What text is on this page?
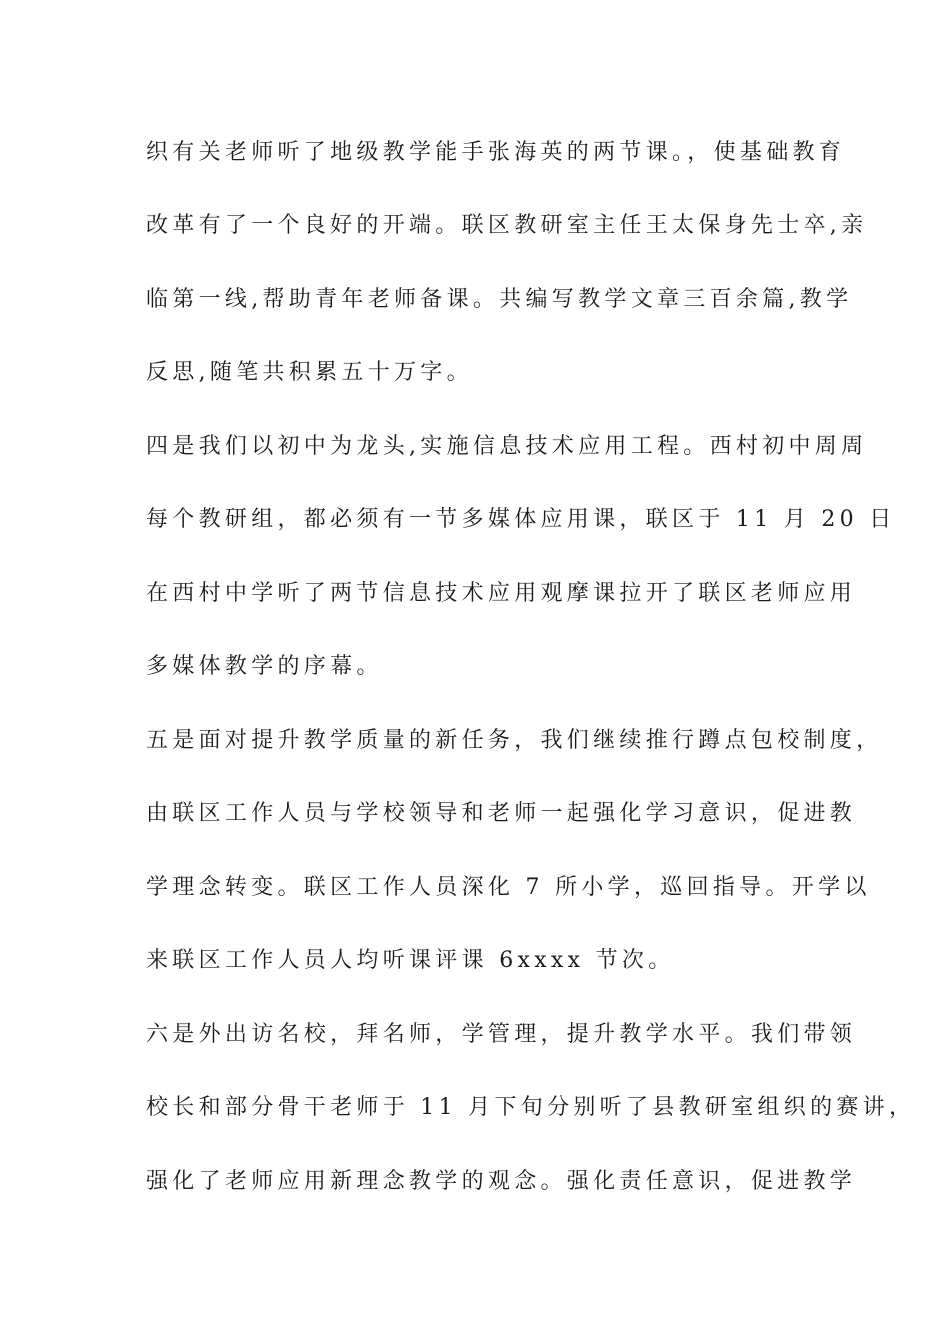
织有关老师听了地级教学能手张海英的两节课。，使基础教育
改革有了一个良好的开端。联区教研室主任王太保身先士卒,亲
临第一线,帮助青年老师备课。共编写教学文章三百余篇,教学
反思,随笔共积累五十万字。
四是我们以初中为龙头,实施信息技术应用工程。西村初中周周
每个教研组，都必须有一节多媒体应用课，联区于 11 月 20 日
在西村中学听了两节信息技术应用观摩课拉开了联区老师应用
多媒体教学的序幕。
五是面对提升教学质量的新任务，我们继续推行蹲点包校制度，
由联区工作人员与学校领导和老师一起强化学习意识，促进教
学理念转变。联区工作人员深化 7 所小学，巡回指导。开学以
来联区工作人员人均听课评课 6xxxx 节次。
六是外出访名校，拜名师，学管理，提升教学水平。我们带领
校长和部分骨干老师于 11 月下旬分别听了县教研室组织的赛讲，
强化了老师应用新理念教学的观念。强化责任意识，促进教学
